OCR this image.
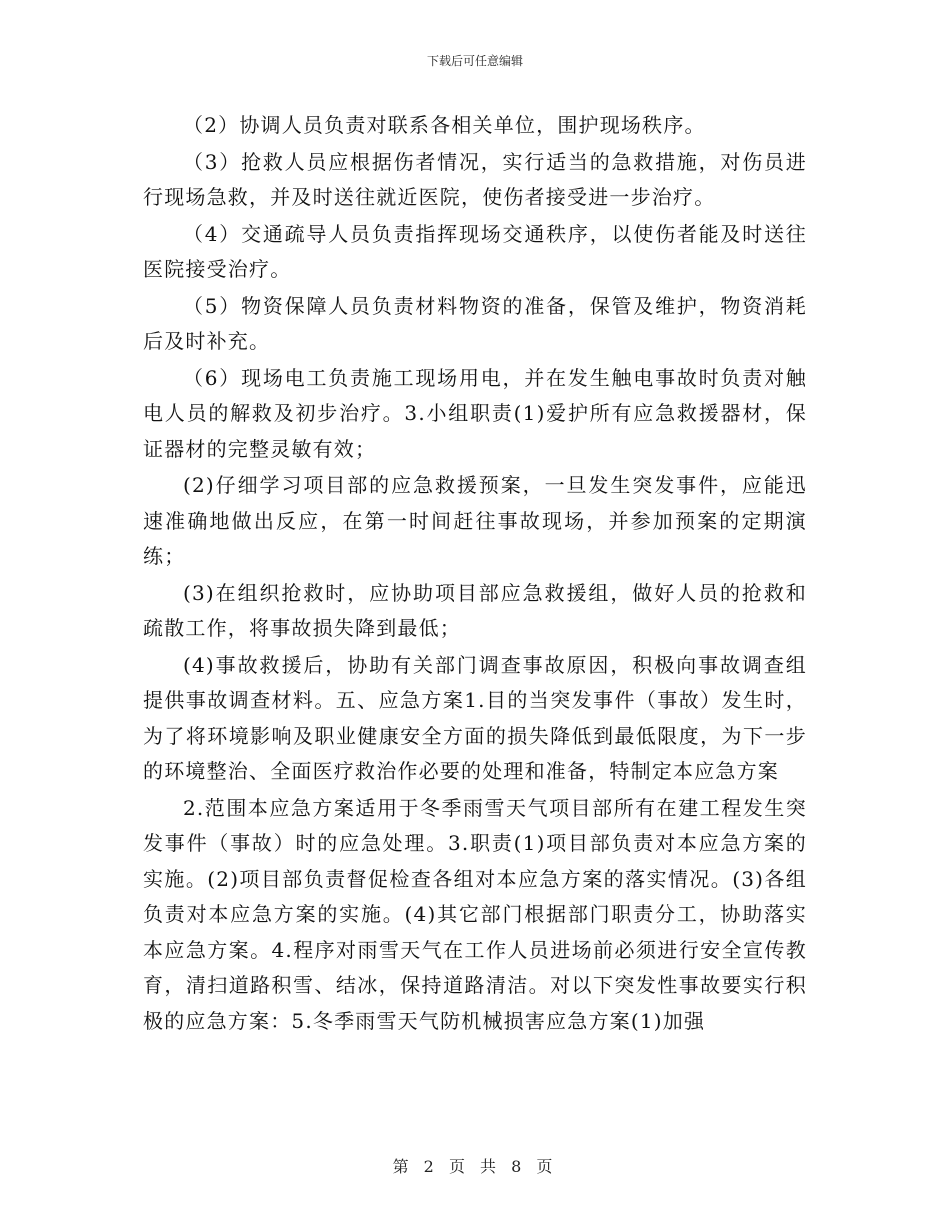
下载后可任意编辑

（2）协调人员负责对联系各相关单位，围护现场秩序。

（3）抢救人员应根据伤者情况，实行适当的急救措施，对伤员进行现场急救，并及时送往就近医院，使伤者接受进一步治疗。

（4）交通疏导人员负责指挥现场交通秩序，以使伤者能及时送往医院接受治疗。

（5）物资保障人员负责材料物资的准备，保管及维护，物资消耗后及时补充。

（6）现场电工负责施工现场用电，并在发生触电事故时负责对触电人员的解救及初步治疗。3.小组职责(1)爱护所有应急救援器材，保证器材的完整灵敏有效；

(2)仔细学习项目部的应急救援预案，一旦发生突发事件，应能迅速准确地做出反应，在第一时间赶往事故现场，并参加预案的定期演练；

(3)在组织抢救时，应协助项目部应急救援组，做好人员的抢救和疏散工作，将事故损失降到最低；

(4)事故救援后，协助有关部门调查事故原因，积极向事故调查组提供事故调查材料。五、应急方案1.目的当突发事件（事故）发生时，为了将环境影响及职业健康安全方面的损失降低到最低限度，为下一步的环境整治、全面医疗救治作必要的处理和准备，特制定本应急方案

2.范围本应急方案适用于冬季雨雪天气项目部所有在建工程发生突发事件（事故）时的应急处理。3.职责(1)项目部负责对本应急方案的实施。(2)项目部负责督促检查各组对本应急方案的落实情况。(3)各组负责对本应急方案的实施。(4)其它部门根据部门职责分工，协助落实本应急方案。4.程序对雨雪天气在工作人员进场前必须进行安全宣传教育，清扫道路积雪、结冰，保持道路清洁。对以下突发性事故要实行积极的应急方案：5.冬季雨雪天气防机械损害应急方案(1)加强

第 2 页 共 8 页
